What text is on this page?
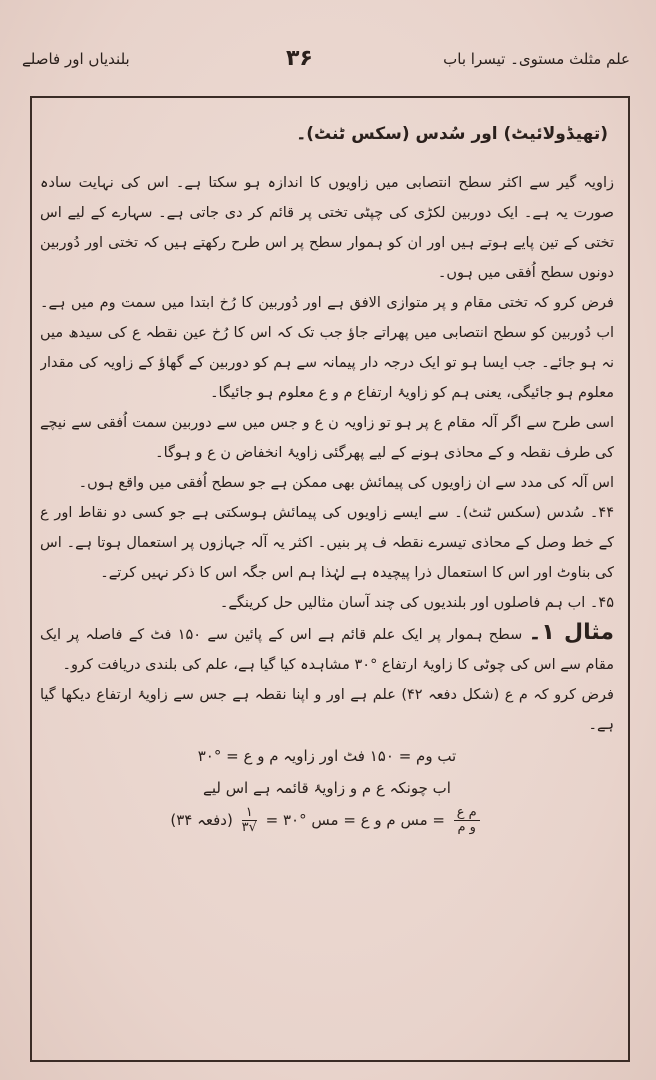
علم مثلث مستوی۔ تیسرا باب
۳۶
بلندیاں اور فاصلے

(تھیڈولائیٹ) اور سُدس (سکس ٹنٹ)۔

زاویہ گیر سے اکثر سطح انتصابی میں زاویوں کا اندازہ ہو سکتا ہے۔ اس کی نہایت سادہ صورت یہ ہے۔ ایک دوربین لکڑی کی چپٹی تختی پر قائم کر دی جاتی ہے۔ سہارے کے لیے اس تختی کے تین پایے ہوتے ہیں اور ان کو ہموار سطح پر اس طرح رکھتے ہیں کہ تختی اور دُوربین دونوں سطح اُفقی میں ہوں۔

فرض کرو کہ تختی مقام و پر متوازی الافق ہے اور دُوربین کا رُخ ابتدا میں سمت وم میں ہے۔ اب دُوربین کو سطح انتصابی میں پھراتے جاؤ جب تک کہ اس کا رُخ عین نقطہ ع کی سیدھ میں نہ ہو جائے۔ جب ایسا ہو تو ایک درجہ دار پیمانہ سے ہم کو دوربین کے گھاؤ کے زاویہ کی مقدار معلوم ہو جائیگی، یعنی ہم کو زاویۂ ارتفاع م و ع معلوم ہو جائیگا۔

اسی طرح سے اگر آلہ مقام ع پر ہو تو زاویہ ن ع و جس میں سے دوربین سمت اُفقی سے نیچے کی طرف نقطہ و کے محاذی ہونے کے لیے پھرگئی زاویۂ انخفاض ن ع و ہوگا۔

اس آلہ کی مدد سے ان زاویوں کی پیمائش بھی ممکن ہے جو سطح اُفقی میں واقع ہوں۔

۴۴۔ سُدس (سکس ٹنٹ)۔ سے ایسے زاویوں کی پیمائش ہوسکتی ہے جو کسی دو نقاط اور ع کے خط وصل کے محاذی تیسرے نقطہ ف پر بنیں۔ اکثر یہ آلہ جہازوں پر استعمال ہوتا ہے۔ اس کی بناوٹ اور اس کا استعمال ذرا پیچیدہ ہے لہٰذا ہم اس جگہ اس کا ذکر نہیں کرتے۔

۴۵۔ اب ہم فاصلوں اور بلندیوں کی چند آسان مثالیں حل کرینگے۔

مثال ۱۔ سطح ہموار پر ایک علم قائم ہے اس کے پائین سے ۱۵۰ فٹ کے فاصلہ پر ایک مقام سے اس کی چوٹی کا زاویۂ ارتفاع °۳۰ مشاہدہ کیا گیا ہے، علم کی بلندی دریافت کرو۔

فرض کرو کہ م ع (شکل دفعہ ۴۲) علم ہے اور و اپنا نقطہ ہے جس سے زاویۂ ارتفاع دیکھا گیا ہے۔

تب وم = ۱۵۰ فٹ اور زاویہ م و ع = °۳۰

اب چونکہ ع م و زاویۂ قائمہ ہے اس لیے

$\frac{\text{م ع}}{\text{و م}}$
= مس م و ع = مس °۳۰ =
$\frac{۱}{√۳}$
(دفعہ ۳۴)
